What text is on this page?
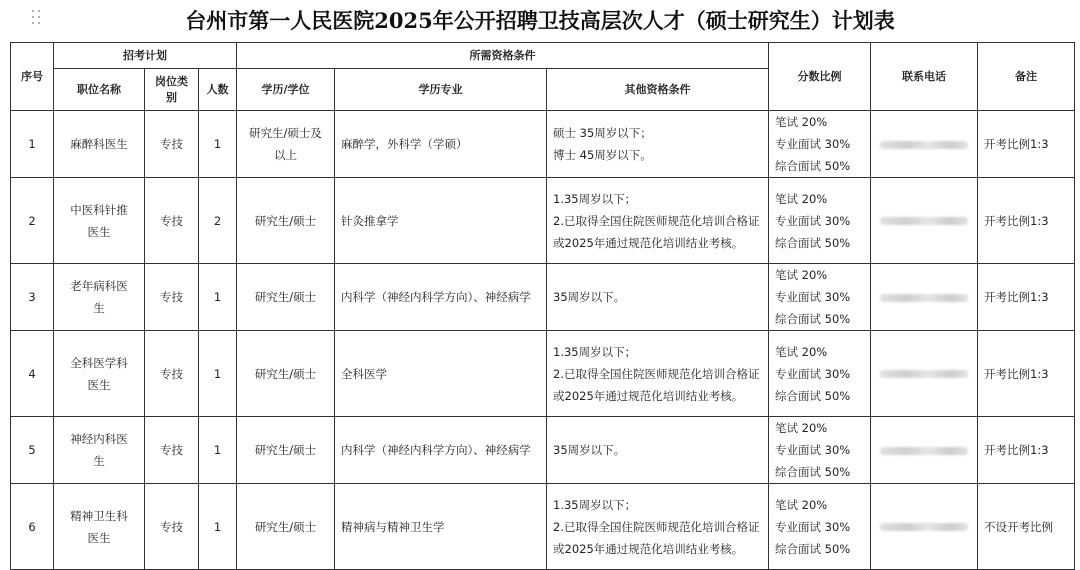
台州市第一人民医院2025年公开招聘卫技高层次人才（硕士研究生）计划表
序号	招考计划			所需资格条件			分数比例	联系电话	备注
	职位名称	岗位类别	人数	学历/学位	学历专业	其他资格条件			
1	麻醉科医生	专技	1	研究生/硕士及以上	麻醉学，外科学（学硕）	硕士 35周岁以下；
博士 45周岁以下。	笔试 20%
专业面试 30%
综合面试 50%		开考比例1:3
2	中医科针推医生	专技	2	研究生/硕士	针灸推拿学	1.35周岁以下；
2.已取得全国住院医师规范化培训合格证或2025年通过规范化培训结业考核。	笔试 20%
专业面试 30%
综合面试 50%		开考比例1:3
3	老年病科医生	专技	1	研究生/硕士	内科学（神经内科学方向）、神经病学	35周岁以下。	笔试 20%
专业面试 30%
综合面试 50%		开考比例1:3
4	全科医学科医生	专技	1	研究生/硕士	全科医学	1.35周岁以下；
2.已取得全国住院医师规范化培训合格证或2025年通过规范化培训结业考核。	笔试 20%
专业面试 30%
综合面试 50%		开考比例1:3
5	神经内科医生	专技	1	研究生/硕士	内科学（神经内科学方向）、神经病学	35周岁以下。	笔试 20%
专业面试 30%
综合面试 50%		开考比例1:3
6	精神卫生科医生	专技	1	研究生/硕士	精神病与精神卫生学	1.35周岁以下；
2.已取得全国住院医师规范化培训合格证或2025年通过规范化培训结业考核。	笔试 20%
专业面试 30%
综合面试 50%		不设开考比例
